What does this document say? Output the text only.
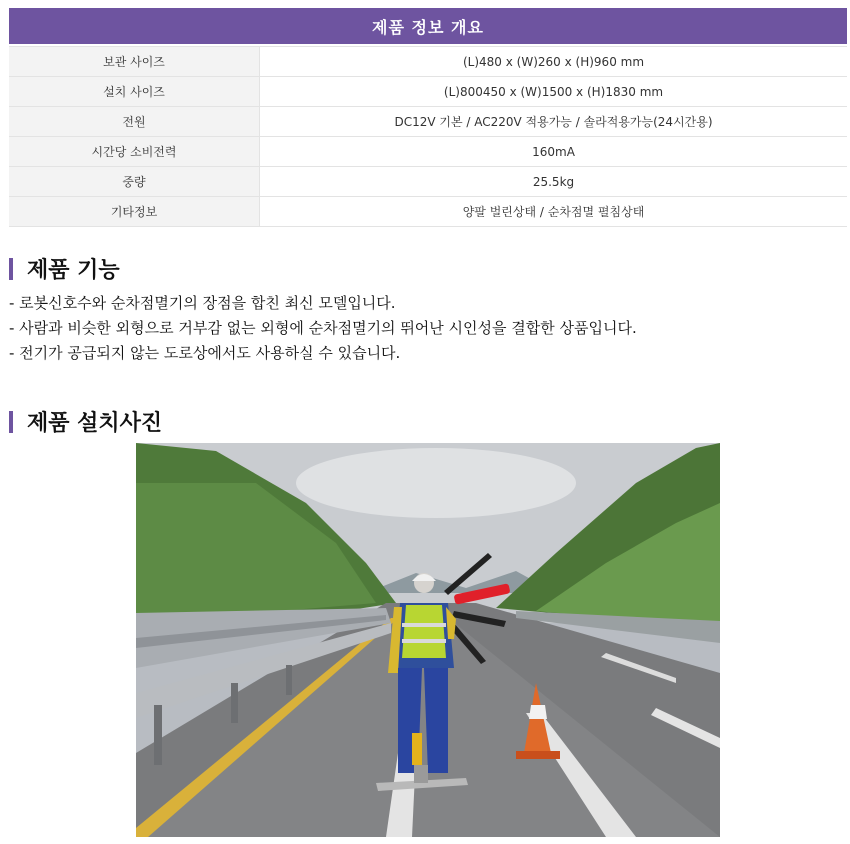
제품 정보 개요
보관 사이즈	(L)480 x (W)260 x (H)960 mm
설치 사이즈	(L)800450 x (W)1500 x (H)1830 mm
전원	DC12V 기본 / AC220V 적용가능 / 솔라적용가능(24시간용)
시간당 소비전력	160mA
중량	25.5kg
기타정보	양팔 벌린상태 / 순차점멸 펼침상태
제품 기능
- 로봇신호수와 순차점멸기의 장점을 합친 최신 모델입니다.
- 사람과 비슷한 외형으로 거부감 없는 외형에 순차점멸기의 뛰어난 시인성을 결합한 상품입니다.
- 전기가 공급되지 않는 도로상에서도 사용하실 수 있습니다.
제품 설치사진
